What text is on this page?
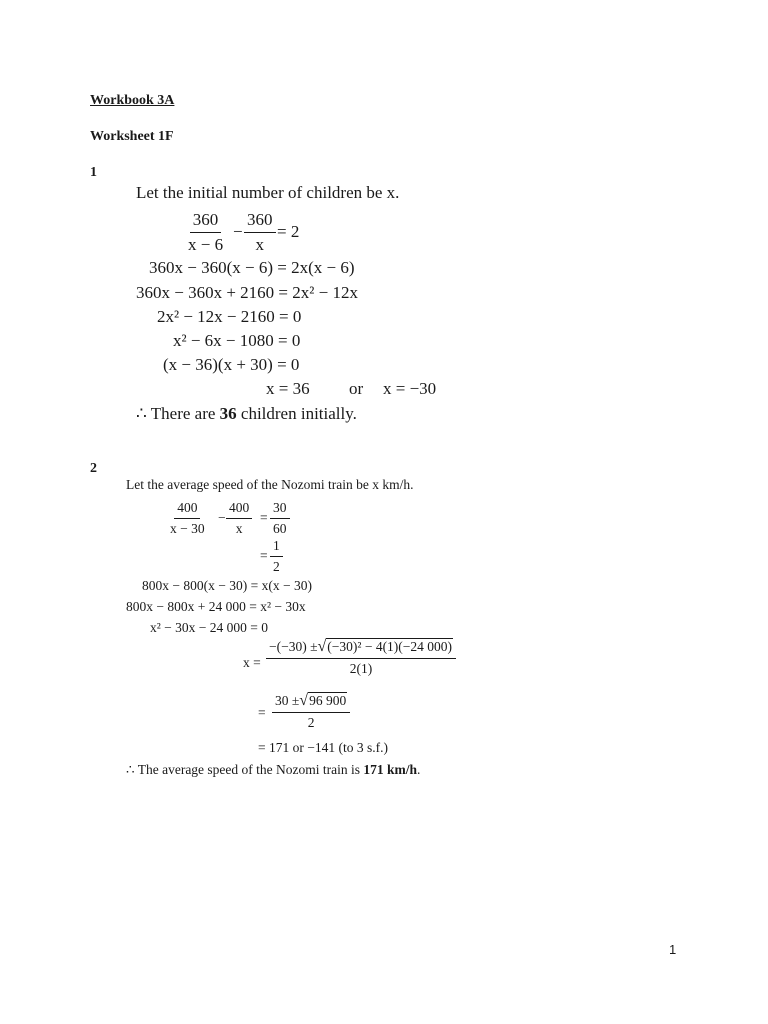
Workbook 3A
Worksheet 1F
1
Let the initial number of children be x.
$\frac{360}{x - 6} - \frac{360}{x} = 2$
360x − 360(x − 6) = 2x(x − 6)
360x − 360x + 2160 = 2x² − 12x
2x² − 12x − 2160 = 0
x² − 6x − 1080 = 0
(x − 36)(x + 30) = 0
x = 36 or x = −30
∴ There are 36 children initially.
2
Let the average speed of the Nozomi train be x km/h.
$\frac{400}{x - 30} - \frac{400}{x} = \frac{30}{60}$
= $\frac{1}{2}$
800x − 800(x − 30) = x(x − 30)
800x − 800x + 24 000 = x² − 30x
x² − 30x − 24 000 = 0
$x = \frac{\text{−(−30) ±√(−30)² − 4(1)(−24 000)}}{2(1)}$
= $\frac{30 \pm√96 900}{2}$
= 171 or −141 (to 3 s.f.)
∴ The average speed of the Nozomi train is 171 km/h.
1
